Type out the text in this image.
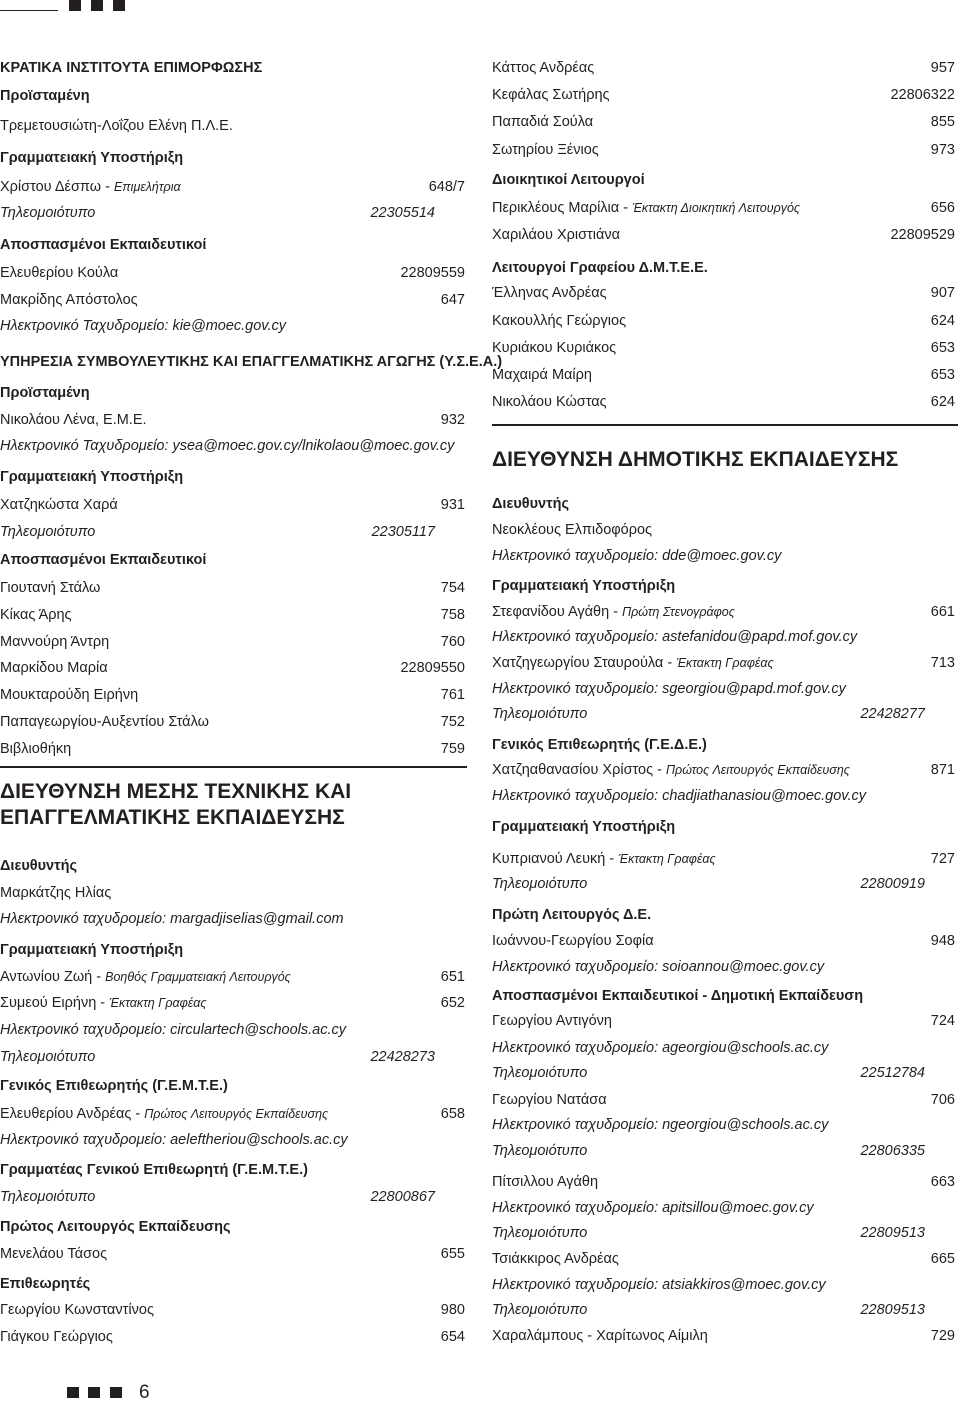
ΚΡΑΤΙΚΑ ΙΝΣΤΙΤΟΥΤΑ ΕΠΙΜΟΡΦΩΣΗΣ
Προϊσταμένη
Τρεμετουσιώτη-Λοΐζου Ελένη Π.Λ.Ε.
Γραμματειακή Υποστήριξη
Χρίστου Δέσπω - Επιμελήτρια	648/7
Τηλεομοιότυπο	22305514
Αποσπασμένοι Εκπαιδευτικοί
Ελευθερίου Κούλα	22809559
Μακρίδης Απόστολος	647
Ηλεκτρονικό Ταχυδρομείο: kie@moec.gov.cy
ΥΠΗΡΕΣΙΑ ΣΥΜΒΟΥΛΕΥΤΙΚΗΣ ΚΑΙ ΕΠΑΓΓΕΛΜΑΤΙΚΗΣ ΑΓΩΓΗΣ (Υ.Σ.Ε.Α.)
Προϊσταμένη
Νικολάου Λένα, Ε.Μ.Ε.	932
Ηλεκτρονικό Ταχυδρομείο: ysea@moec.gov.cy/lnikolaou@moec.gov.cy
Γραμματειακή Υποστήριξη
Χατζηκώστα Χαρά	931
Τηλεομοιότυπο	22305117
Αποσπασμένοι Εκπαιδευτικοί
Γιουτανή Στάλω	754
Κίκας Άρης	758
Μαννούρη Άντρη	760
Μαρκίδου Μαρία	22809550
Μουκταρούδη Ειρήνη	761
Παπαγεωργίου-Αυξεντίου Στάλω	752
Βιβλιοθήκη	759
ΔΙΕΥΘΥΝΣΗ ΜΕΣΗΣ ΤΕΧΝΙΚΗΣ ΚΑΙ ΕΠΑΓΓΕΛΜΑΤΙΚΗΣ ΕΚΠΑΙΔΕΥΣΗΣ
Διευθυντής
Μαρκάτζης Ηλίας
Ηλεκτρονικό ταχυδρομείο: margadjiselias@gmail.com
Γραμματειακή Υποστήριξη
Αντωνίου Ζωή - Βοηθός Γραμματειακή Λειτουργός	651
Συμεού Ειρήνη - Έκτακτη Γραφέας	652
Ηλεκτρονικό ταχυδρομείο: circulartech@schools.ac.cy
Τηλεομοιότυπο	22428273
Γενικός Επιθεωρητής (Γ.Ε.Μ.Τ.Ε.)
Ελευθερίου Ανδρέας - Πρώτος Λειτουργός Εκπαίδευσης	658
Ηλεκτρονικό ταχυδρομείο: aeleftheriou@schools.ac.cy
Γραμματέας Γενικού Επιθεωρητή (Γ.Ε.Μ.Τ.Ε.)
Τηλεομοιότυπο	22800867
Πρώτος Λειτουργός Εκπαίδευσης
Μενελάου Τάσος	655
Επιθεωρητές
Γεωργίου Κωνσταντίνος	980
Γιάγκου Γεώργιος	654
Κάττος Ανδρέας	957
Κεφάλας Σωτήρης	22806322
Παπαδιά Σούλα	855
Σωτηρίου Ξένιος	973
Διοικητικοί Λειτουργοί
Περικλέους Μαρίλια - Έκτακτη Διοικητική Λειτουργός	656
Χαριλάου Χριστιάνα	22809529
Λειτουργοί Γραφείου Δ.Μ.Τ.Ε.Ε.
Έλληνας Ανδρέας	907
Κακουλλής Γεώργιος	624
Κυριάκου Κυριάκος	653
Μαχαιρά Μαίρη	653
Νικολάου Κώστας	624
ΔΙΕΥΘΥΝΣΗ ΔΗΜΟΤΙΚΗΣ ΕΚΠΑΙΔΕΥΣΗΣ
Διευθυντής
Νεοκλέους Ελπιδοφόρος
Ηλεκτρονικό ταχυδρομείο: dde@moec.gov.cy
Γραμματειακή Υποστήριξη
Στεφανίδου Αγάθη - Πρώτη Στενογράφος	661
Ηλεκτρονικό ταχυδρομείο: astefanidou@papd.mof.gov.cy
Χατζηγεωργίου Σταυρούλα - Έκτακτη Γραφέας	713
Ηλεκτρονικό ταχυδρομείο: sgeorgiou@papd.mof.gov.cy
Τηλεομοιότυπο	22428277
Γενικός Επιθεωρητής (Γ.Ε.Δ.Ε.)
Χατζηαθανασίου Χρίστος - Πρώτος Λειτουργός Εκπαίδευσης	871
Ηλεκτρονικό ταχυδρομείο: chadjiathanasiou@moec.gov.cy
Γραμματειακή Υποστήριξη
Κυπριανού Λευκή - Έκτακτη Γραφέας	727
Τηλεομοιότυπο	22800919
Πρώτη Λειτουργός Δ.Ε.
Ιωάννου-Γεωργίου Σοφία	948
Ηλεκτρονικό ταχυδρομείο: soioannou@moec.gov.cy
Αποσπασμένοι Εκπαιδευτικοί - Δημοτική Εκπαίδευση
Γεωργίου Αντιγόνη	724
Ηλεκτρονικό ταχυδρομείο: ageorgiou@schools.ac.cy
Τηλεομοιότυπο	22512784
Γεωργίου Νατάσα	706
Ηλεκτρονικό ταχυδρομείο: ngeorgiou@schools.ac.cy
Τηλεομοιότυπο	22806335
Πίτσιλλου Αγάθη	663
Ηλεκτρονικό ταχυδρομείο: apitsillou@moec.gov.cy
Τηλεομοιότυπο	22809513
Τσιάκκιρος Ανδρέας	665
Ηλεκτρονικό ταχυδρομείο: atsiakkiros@moec.gov.cy
Τηλεομοιότυπο	22809513
Χαραλάμπους - Χαρίτωνος Αίμιλη	729
6
